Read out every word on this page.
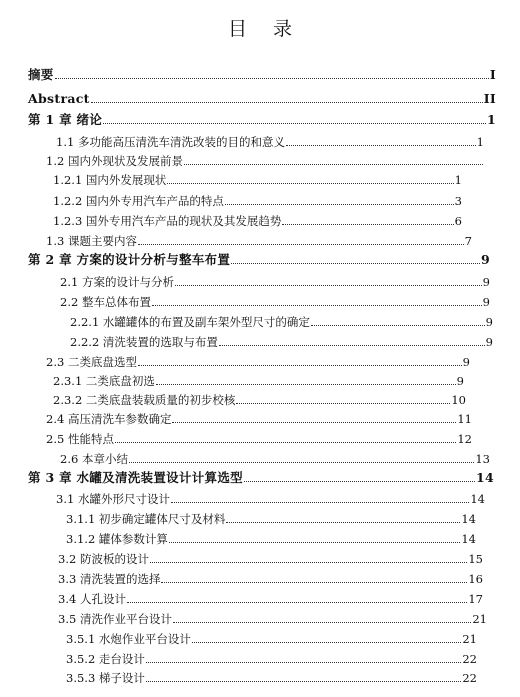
目 录
摘要	I
Abstract	II
第 1 章 绪论	1
1.1 多功能高压清洗车清洗改装的目的和意义	1
1.2 国内外现状及发展前景
1.2.1 国内外发展现状	1
1.2.2 国内外专用汽车产品的特点	3
1.2.3 国外专用汽车产品的现状及其发展趋势	6
1.3 课题主要内容	7
第 2 章 方案的设计分析与整车布置	9
2.1 方案的设计与分析	9
2.2 整车总体布置	9
2.2.1 水罐罐体的布置及副车架外型尺寸的确定	9
2.2.2 清洗装置的选取与布置	9
2.3 二类底盘选型	9
2.3.1 二类底盘初选	9
2.3.2 二类底盘装载质量的初步校核	10
2.4 高压清洗车参数确定	11
2.5 性能特点	12
2.6 本章小结	13
第 3 章 水罐及清洗装置设计计算选型	14
3.1 水罐外形尺寸设计	14
3.1.1 初步确定罐体尺寸及材料	14
3.1.2 罐体参数计算	14
3.2 防波板的设计	15
3.3 清洗装置的选择	16
3.4 人孔设计	17
3.5 清洗作业平台设计	21
3.5.1 水炮作业平台设计	21
3.5.2 走台设计	22
3.5.3 梯子设计	22
